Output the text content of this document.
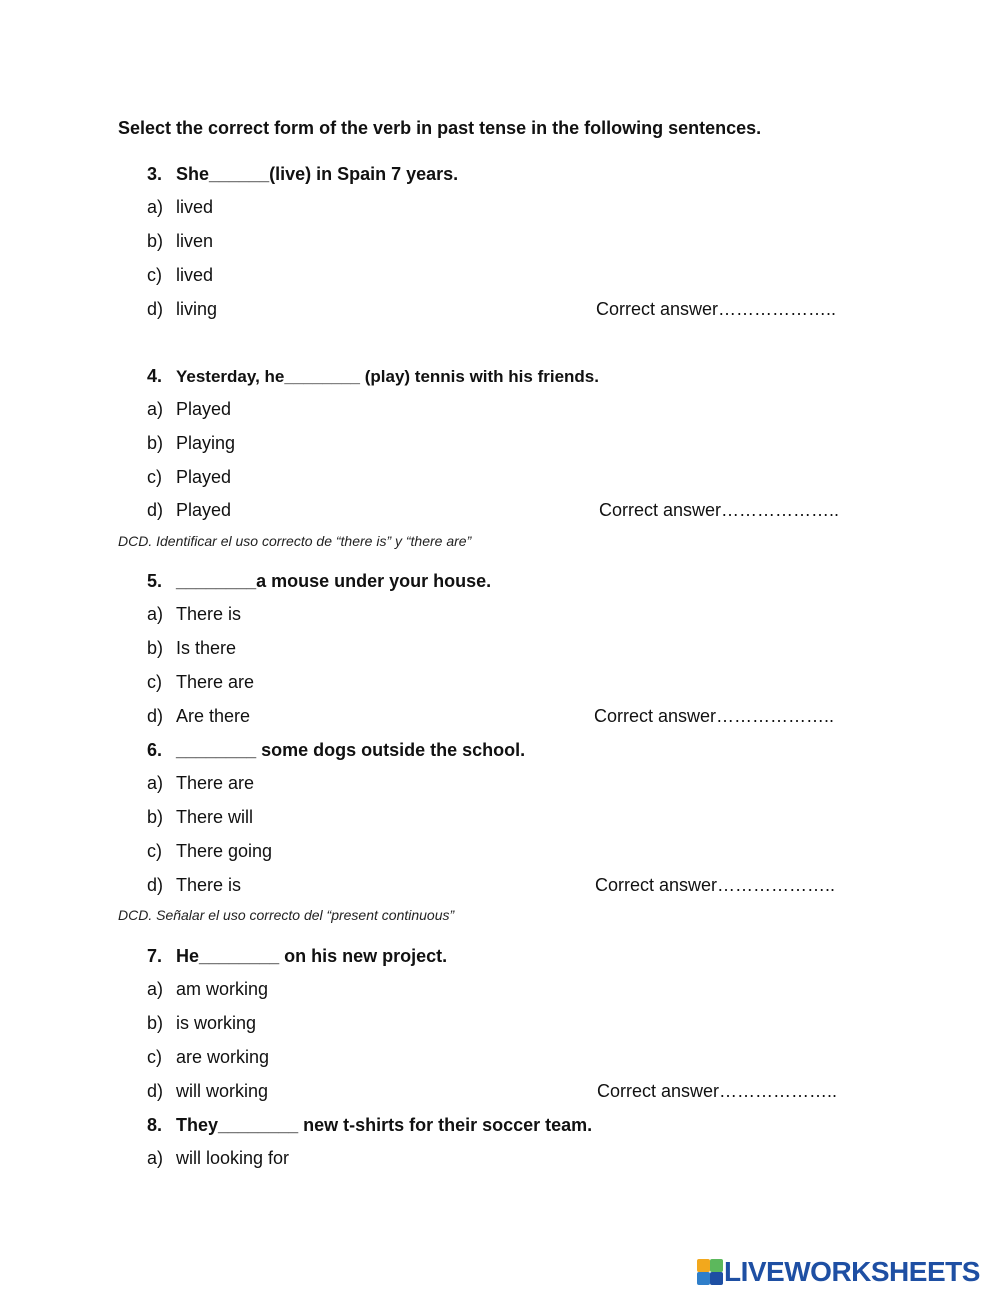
Select the correct form of the verb in past tense in the following sentences.
3. She______(live) in Spain 7 years.
a) lived
b) liven
c) lived
d) living	Correct answer………………..
4. Yesterday, he________ (play) tennis with his friends.
a) Played
b) Playing
c) Played
d) Played	Correct answer………………..
DCD. Identificar el uso correcto de “there is” y “there are”
5. ________a mouse under your house.
a) There is
b) Is there
c) There are
d) Are there	Correct answer………………..
6. ________ some dogs outside the school.
a) There are
b) There will
c) There going
d) There is	Correct answer………………..
DCD. Señalar el uso correcto del “present continuous”
7. He________ on his new project.
a) am working
b) is working
c) are working
d) will working	Correct answer………………..
8. They________ new t-shirts for their soccer team.
a) will looking for
LIVEWORKSHEETS
